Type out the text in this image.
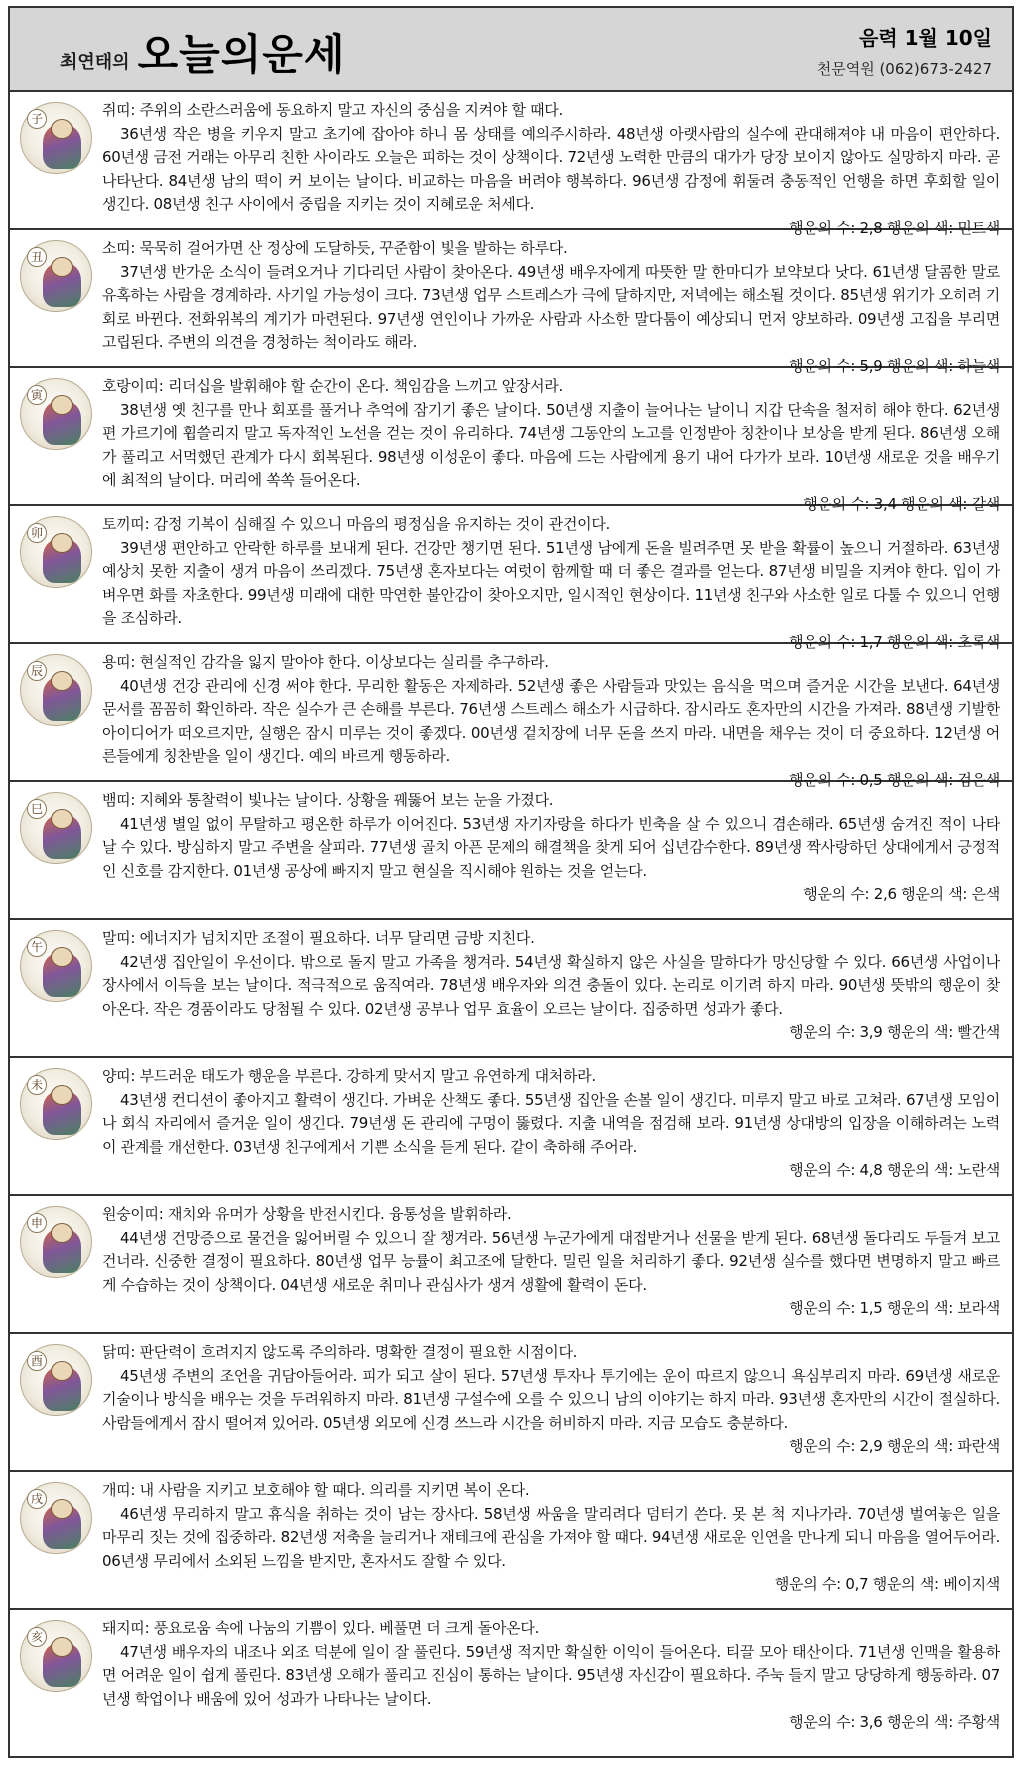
최연태의 오늘의운세	음력 1월 10일
천문역원 (062)673-2427
子	쥐띠: 주위의 소란스러움에 동요하지 말고 자신의 중심을 지켜야 할 때다.
36년생 작은 병을 키우지 말고 초기에 잡아야 하니 몸 상태를 예의주시하라. 48년생 아랫사람의 실수에 관대해져야 내 마음이 편안하다. 60년생 금전 거래는 아무리 친한 사이라도 오늘은 피하는 것이 상책이다. 72년생 노력한 만큼의 대가가 당장 보이지 않아도 실망하지 마라. 곧 나타난다. 84년생 남의 떡이 커 보이는 날이다. 비교하는 마음을 버려야 행복하다. 96년생 감정에 휘둘려 충동적인 언행을 하면 후회할 일이 생긴다. 08년생 친구 사이에서 중립을 지키는 것이 지혜로운 처세다.
행운의 수: 2,8 행운의 색: 민트색
丑	소띠: 묵묵히 걸어가면 산 정상에 도달하듯, 꾸준함이 빛을 발하는 하루다.
37년생 반가운 소식이 들려오거나 기다리던 사람이 찾아온다. 49년생 배우자에게 따뜻한 말 한마디가 보약보다 낫다. 61년생 달콤한 말로 유혹하는 사람을 경계하라. 사기일 가능성이 크다. 73년생 업무 스트레스가 극에 달하지만, 저녁에는 해소될 것이다. 85년생 위기가 오히려 기회로 바뀐다. 전화위복의 계기가 마련된다. 97년생 연인이나 가까운 사람과 사소한 말다툼이 예상되니 먼저 양보하라. 09년생 고집을 부리면 고립된다. 주변의 의견을 경청하는 척이라도 해라.
행운의 수: 5,9 행운의 색: 하늘색
寅	호랑이띠: 리더십을 발휘해야 할 순간이 온다. 책임감을 느끼고 앞장서라.
38년생 옛 친구를 만나 회포를 풀거나 추억에 잠기기 좋은 날이다. 50년생 지출이 늘어나는 날이니 지갑 단속을 철저히 해야 한다. 62년생 편 가르기에 휩쓸리지 말고 독자적인 노선을 걷는 것이 유리하다. 74년생 그동안의 노고를 인정받아 칭찬이나 보상을 받게 된다. 86년생 오해가 풀리고 서먹했던 관계가 다시 회복된다. 98년생 이성운이 좋다. 마음에 드는 사람에게 용기 내어 다가가 보라. 10년생 새로운 것을 배우기에 최적의 날이다. 머리에 쏙쏙 들어온다.
행운의 수: 3,4 행운의 색: 갈색
卯	토끼띠: 감정 기복이 심해질 수 있으니 마음의 평정심을 유지하는 것이 관건이다.
39년생 편안하고 안락한 하루를 보내게 된다. 건강만 챙기면 된다. 51년생 남에게 돈을 빌려주면 못 받을 확률이 높으니 거절하라. 63년생 예상치 못한 지출이 생겨 마음이 쓰리겠다. 75년생 혼자보다는 여럿이 함께할 때 더 좋은 결과를 얻는다. 87년생 비밀을 지켜야 한다. 입이 가벼우면 화를 자초한다. 99년생 미래에 대한 막연한 불안감이 찾아오지만, 일시적인 현상이다. 11년생 친구와 사소한 일로 다툴 수 있으니 언행을 조심하라.
행운의 수: 1,7 행운의 색: 초록색
辰	용띠: 현실적인 감각을 잃지 말아야 한다. 이상보다는 실리를 추구하라.
40년생 건강 관리에 신경 써야 한다. 무리한 활동은 자제하라. 52년생 좋은 사람들과 맛있는 음식을 먹으며 즐거운 시간을 보낸다. 64년생 문서를 꼼꼼히 확인하라. 작은 실수가 큰 손해를 부른다. 76년생 스트레스 해소가 시급하다. 잠시라도 혼자만의 시간을 가져라. 88년생 기발한 아이디어가 떠오르지만, 실행은 잠시 미루는 것이 좋겠다. 00년생 겉치장에 너무 돈을 쓰지 마라. 내면을 채우는 것이 더 중요하다. 12년생 어른들에게 칭찬받을 일이 생긴다. 예의 바르게 행동하라.
행운의 수: 0,5 행운의 색: 검은색
巳	뱀띠: 지혜와 통찰력이 빛나는 날이다. 상황을 꿰뚫어 보는 눈을 가졌다.
41년생 별일 없이 무탈하고 평온한 하루가 이어진다. 53년생 자기자랑을 하다가 빈축을 살 수 있으니 겸손해라. 65년생 숨겨진 적이 나타날 수 있다. 방심하지 말고 주변을 살피라. 77년생 골치 아픈 문제의 해결책을 찾게 되어 십년감수한다. 89년생 짝사랑하던 상대에게서 긍정적인 신호를 감지한다. 01년생 공상에 빠지지 말고 현실을 직시해야 원하는 것을 얻는다.
행운의 수: 2,6 행운의 색: 은색
午	말띠: 에너지가 넘치지만 조절이 필요하다. 너무 달리면 금방 지친다.
42년생 집안일이 우선이다. 밖으로 돌지 말고 가족을 챙겨라. 54년생 확실하지 않은 사실을 말하다가 망신당할 수 있다. 66년생 사업이나 장사에서 이득을 보는 날이다. 적극적으로 움직여라. 78년생 배우자와 의견 충돌이 있다. 논리로 이기려 하지 마라. 90년생 뜻밖의 행운이 찾아온다. 작은 경품이라도 당첨될 수 있다. 02년생 공부나 업무 효율이 오르는 날이다. 집중하면 성과가 좋다.
행운의 수: 3,9 행운의 색: 빨간색
未	양띠: 부드러운 태도가 행운을 부른다. 강하게 맞서지 말고 유연하게 대처하라.
43년생 컨디션이 좋아지고 활력이 생긴다. 가벼운 산책도 좋다. 55년생 집안을 손볼 일이 생긴다. 미루지 말고 바로 고쳐라. 67년생 모임이나 회식 자리에서 즐거운 일이 생긴다. 79년생 돈 관리에 구멍이 뚫렸다. 지출 내역을 점검해 보라. 91년생 상대방의 입장을 이해하려는 노력이 관계를 개선한다. 03년생 친구에게서 기쁜 소식을 듣게 된다. 같이 축하해 주어라.
행운의 수: 4,8 행운의 색: 노란색
申	원숭이띠: 재치와 유머가 상황을 반전시킨다. 융통성을 발휘하라.
44년생 건망증으로 물건을 잃어버릴 수 있으니 잘 챙겨라. 56년생 누군가에게 대접받거나 선물을 받게 된다. 68년생 돌다리도 두들겨 보고 건너라. 신중한 결정이 필요하다. 80년생 업무 능률이 최고조에 달한다. 밀린 일을 처리하기 좋다. 92년생 실수를 했다면 변명하지 말고 빠르게 수습하는 것이 상책이다. 04년생 새로운 취미나 관심사가 생겨 생활에 활력이 돈다.
행운의 수: 1,5 행운의 색: 보라색
酉	닭띠: 판단력이 흐려지지 않도록 주의하라. 명확한 결정이 필요한 시점이다.
45년생 주변의 조언을 귀담아들어라. 피가 되고 살이 된다. 57년생 투자나 투기에는 운이 따르지 않으니 욕심부리지 마라. 69년생 새로운 기술이나 방식을 배우는 것을 두려워하지 마라. 81년생 구설수에 오를 수 있으니 남의 이야기는 하지 마라. 93년생 혼자만의 시간이 절실하다. 사람들에게서 잠시 떨어져 있어라. 05년생 외모에 신경 쓰느라 시간을 허비하지 마라. 지금 모습도 충분하다.
행운의 수: 2,9 행운의 색: 파란색
戌	개띠: 내 사람을 지키고 보호해야 할 때다. 의리를 지키면 복이 온다.
46년생 무리하지 말고 휴식을 취하는 것이 남는 장사다. 58년생 싸움을 말리려다 덤터기 쓴다. 못 본 척 지나가라. 70년생 벌여놓은 일을 마무리 짓는 것에 집중하라. 82년생 저축을 늘리거나 재테크에 관심을 가져야 할 때다. 94년생 새로운 인연을 만나게 되니 마음을 열어두어라. 06년생 무리에서 소외된 느낌을 받지만, 혼자서도 잘할 수 있다.
행운의 수: 0,7 행운의 색: 베이지색
亥	돼지띠: 풍요로움 속에 나눔의 기쁨이 있다. 베풀면 더 크게 돌아온다.
47년생 배우자의 내조나 외조 덕분에 일이 잘 풀린다. 59년생 적지만 확실한 이익이 들어온다. 티끌 모아 태산이다. 71년생 인맥을 활용하면 어려운 일이 쉽게 풀린다. 83년생 오해가 풀리고 진심이 통하는 날이다. 95년생 자신감이 필요하다. 주눅 들지 말고 당당하게 행동하라. 07년생 학업이나 배움에 있어 성과가 나타나는 날이다.
행운의 수: 3,6 행운의 색: 주황색
